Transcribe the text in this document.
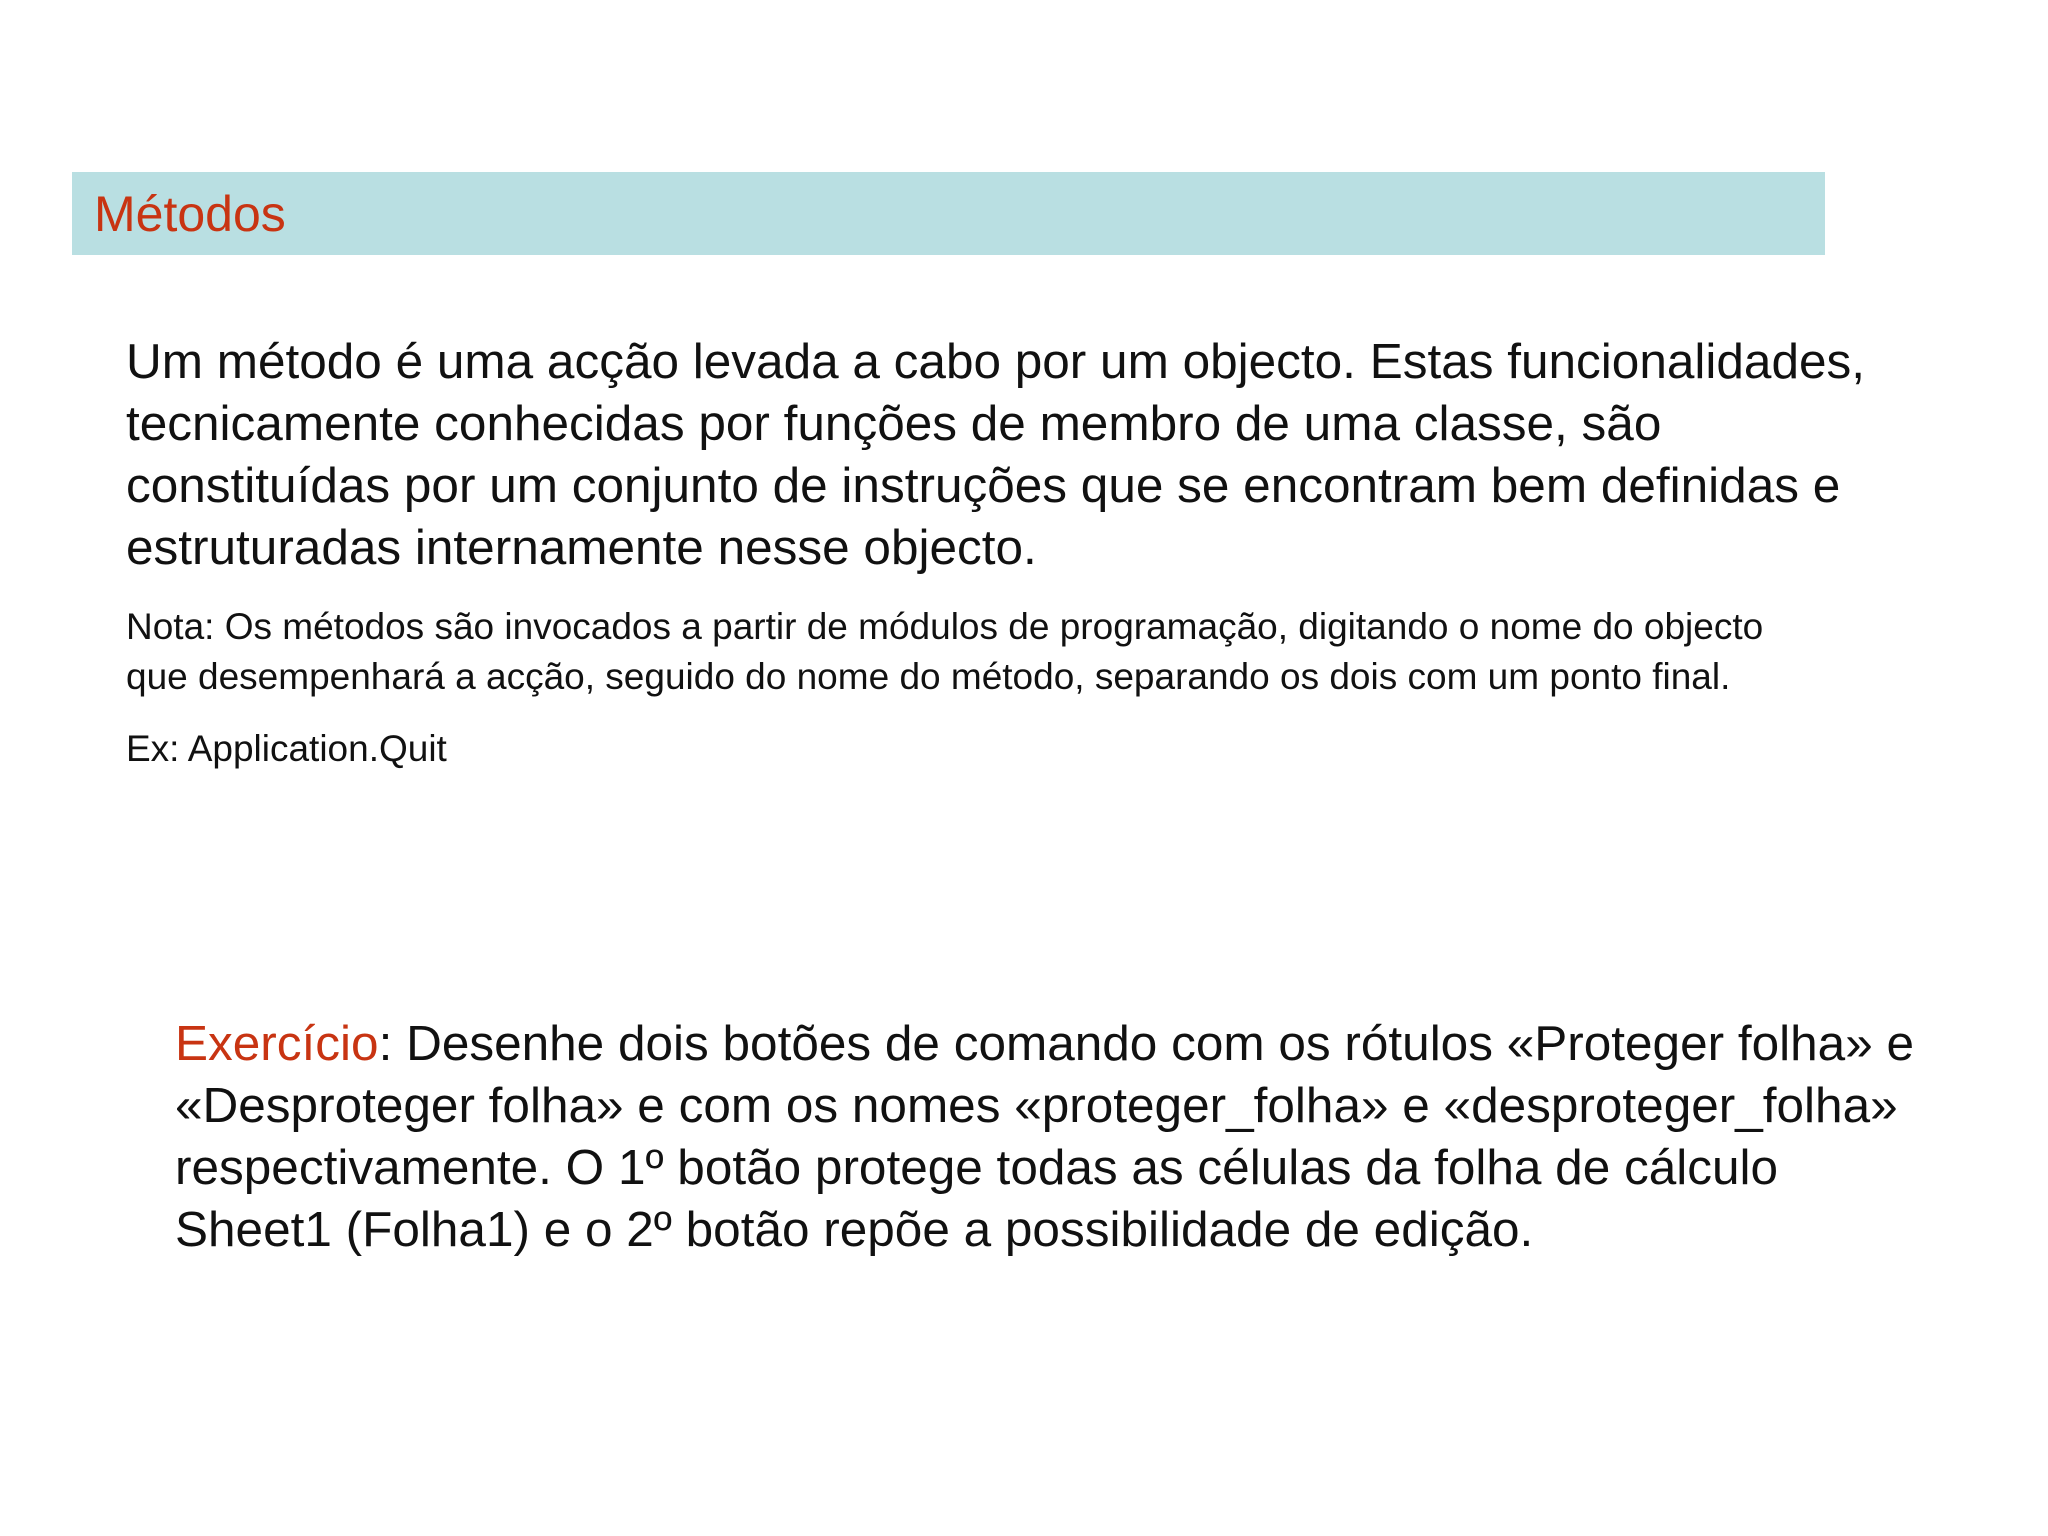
Métodos
Um método é uma acção levada a cabo por um objecto. Estas funcionalidades,
tecnicamente conhecidas por funções de membro de uma classe, são
constituídas por um conjunto de instruções que se encontram bem definidas e
estruturadas internamente nesse objecto.
Nota: Os métodos são invocados a partir de módulos de programação, digitando o nome do objecto
que desempenhará a acção, seguido do nome do método, separando os dois com um ponto final.
Ex: Application.Quit
Exercício: Desenhe dois botões de comando com os rótulos «Proteger folha» e
«Desproteger folha» e com os nomes «proteger_folha» e «desproteger_folha»
respectivamente. O 1º botão protege todas as células da folha de cálculo
Sheet1 (Folha1) e o 2º botão repõe a possibilidade de edição.
